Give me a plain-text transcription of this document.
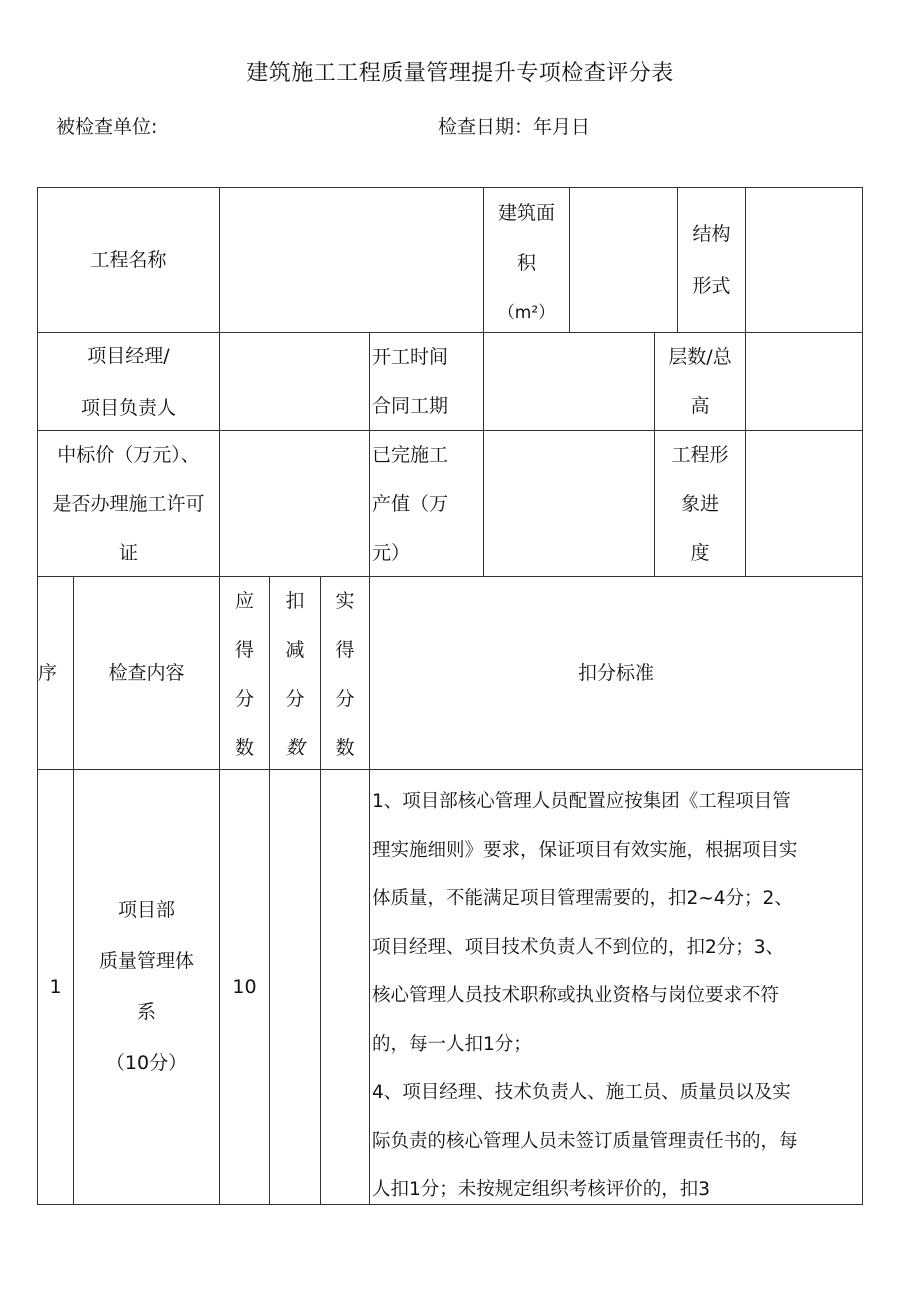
建筑施工工程质量管理提升专项检查评分表
被检查单位:	检查日期：年月日
工程名称
建筑面
积
（m²）
结构
形式
项目经理/
项目负责人
开工时间
合同工期
层数/总
高
中标价（万元）、
是否办理施工许可
证
已完施工
产值（万
元）
工程形
象进
度
序	检查内容
应
得
分
数
扣
减
分
数
实
得
分
数
扣分标准
1
项目部
质量管理体
系
（10分）
10
1、项目部核心管理人员配置应按集团《工程项目管
理实施细则》要求，保证项目有效实施，根据项目实
体质量，不能满足项目管理需要的，扣2~4分；2、
项目经理、项目技术负责人不到位的，扣2分；3、
核心管理人员技术职称或执业资格与岗位要求不符
的，每一人扣1分；
4、项目经理、技术负责人、施工员、质量员以及实
际负责的核心管理人员未签订质量管理责任书的，每
人扣1分；未按规定组织考核评价的，扣3
